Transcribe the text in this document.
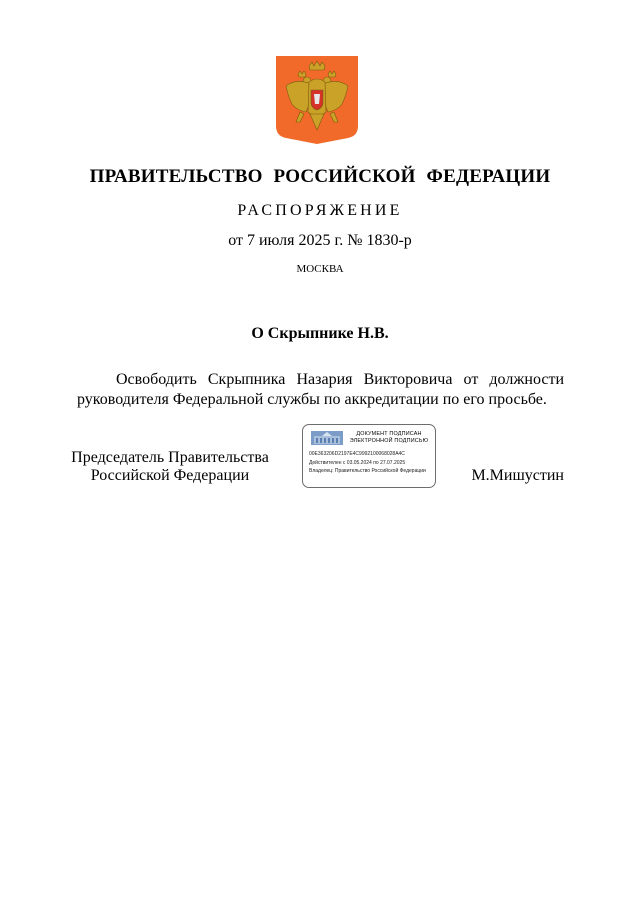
ПРАВИТЕЛЬСТВО РОССИЙСКОЙ ФЕДЕРАЦИИ
РАСПОРЯЖЕНИЕ
от 7 июля 2025 г. № 1830-р
МОСКВА
О Скрыпнике Н.В.
Освободить Скрыпника Назария Викторовича от должности руководителя Федеральной службы по аккредитации по его просьбе.
Председатель Правительства
Российской Федерации
ДОКУМЕНТ ПОДПИСАН
ЭЛЕКТРОННОЙ ПОДПИСЬЮ
00E363206D2197E4C9992100068028A4C
Действителен с 03.05.2024 по 27.07.2025
Владелец: Правительство Российской Федерации	М.Мишустин
